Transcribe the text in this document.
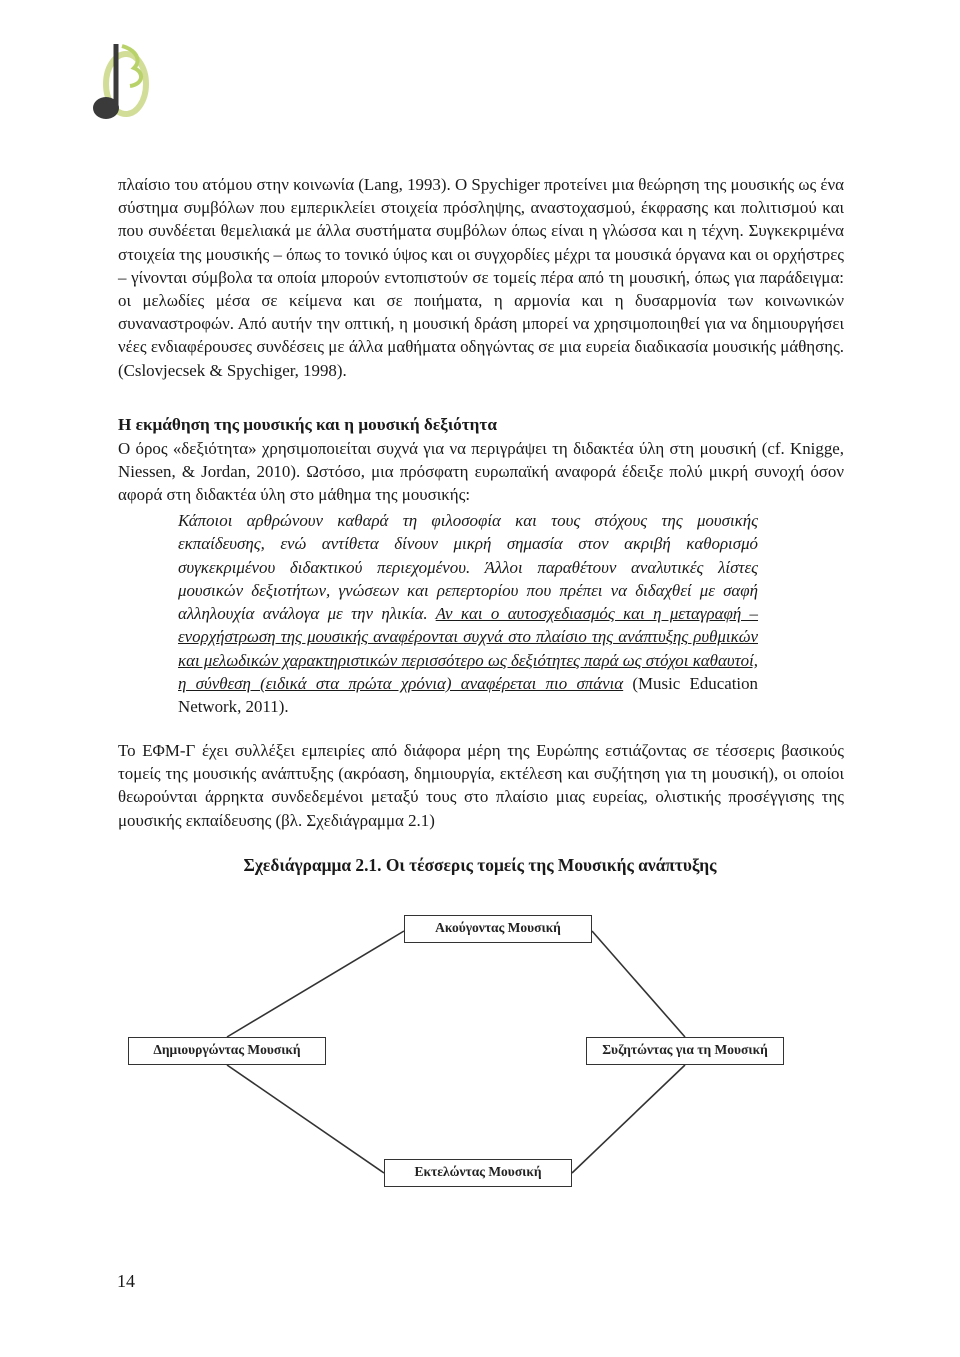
πλαίσιο του ατόμου στην κοινωνία (Lang, 1993). Ο Spychiger προτείνει μια θεώρηση της μουσικής ως ένα σύστημα συμβόλων που εμπερικλείει στοιχεία πρόσληψης, αναστοχασμού, έκφρασης και πολιτισμού και που συνδέεται θεμελιακά με άλλα συστήματα συμβόλων όπως είναι η γλώσσα και η τέχνη. Συγκεκριμένα στοιχεία της μουσικής – όπως το τονικό ύψος και οι συγχορδίες μέχρι τα μουσικά όργανα και οι ορχήστρες – γίνονται σύμβολα τα οποία μπορούν εντοπιστούν σε τομείς πέρα από τη μουσική, όπως για παράδειγμα: οι μελωδίες μέσα σε κείμενα και σε ποιήματα, η αρμονία και η δυσαρμονία των κοινωνικών συναναστροφών. Από αυτήν την οπτική, η μουσική δράση μπορεί να χρησιμοποιηθεί για να δημιουργήσει νέες ενδιαφέρουσες συνδέσεις με άλλα μαθήματα οδηγώντας σε μια ευρεία διαδικασία μουσικής μάθησης. (Cslovjecsek & Spychiger, 1998).
Η εκμάθηση της μουσικής και η μουσική δεξιότητα
Ο όρος «δεξιότητα» χρησιμοποιείται συχνά για να περιγράψει τη διδακτέα ύλη στη μουσική (cf. Knigge, Niessen, & Jordan, 2010). Ωστόσο, μια πρόσφατη ευρωπαϊκή αναφορά έδειξε πολύ μικρή συνοχή όσον αφορά στη διδακτέα ύλη στο μάθημα της μουσικής:
Κάποιοι αρθρώνουν καθαρά τη φιλοσοφία και τους στόχους της μουσικής εκπαίδευσης, ενώ αντίθετα δίνουν μικρή σημασία στον ακριβή καθορισμό συγκεκριμένου διδακτικού περιεχομένου. Άλλοι παραθέτουν αναλυτικές λίστες μουσικών δεξιοτήτων, γνώσεων και ρεπερτορίου που πρέπει να διδαχθεί με σαφή αλληλουχία ανάλογα με την ηλικία. Αν και ο αυτοσχεδιασμός και η μεταγραφή – ενορχήστρωση της μουσικής αναφέρονται συχνά στο πλαίσιο της ανάπτυξης ρυθμικών και μελωδικών χαρακτηριστικών περισσότερο ως δεξιότητες παρά ως στόχοι καθαυτοί, η σύνθεση (ειδικά στα πρώτα χρόνια) αναφέρεται πιο σπάνια (Music Education Network, 2011).
Το ΕΦΜ-Γ έχει συλλέξει εμπειρίες από διάφορα μέρη της Ευρώπης εστιάζοντας σε τέσσερις βασικούς τομείς της μουσικής ανάπτυξης (ακρόαση, δημιουργία, εκτέλεση και συζήτηση για τη μουσική), οι οποίοι θεωρούνται άρρηκτα συνδεδεμένοι μεταξύ τους στο πλαίσιο μιας ευρείας, ολιστικής προσέγγισης της μουσικής εκπαίδευσης (βλ. Σχεδιάγραμμα 2.1)
Σχεδιάγραμμα 2.1. Οι τέσσερις τομείς της Μουσικής ανάπτυξης
Ακούγοντας Μουσική
Δημιουργώντας Μουσική	Συζητώντας για τη Μουσική
Εκτελώντας Μουσική
14
